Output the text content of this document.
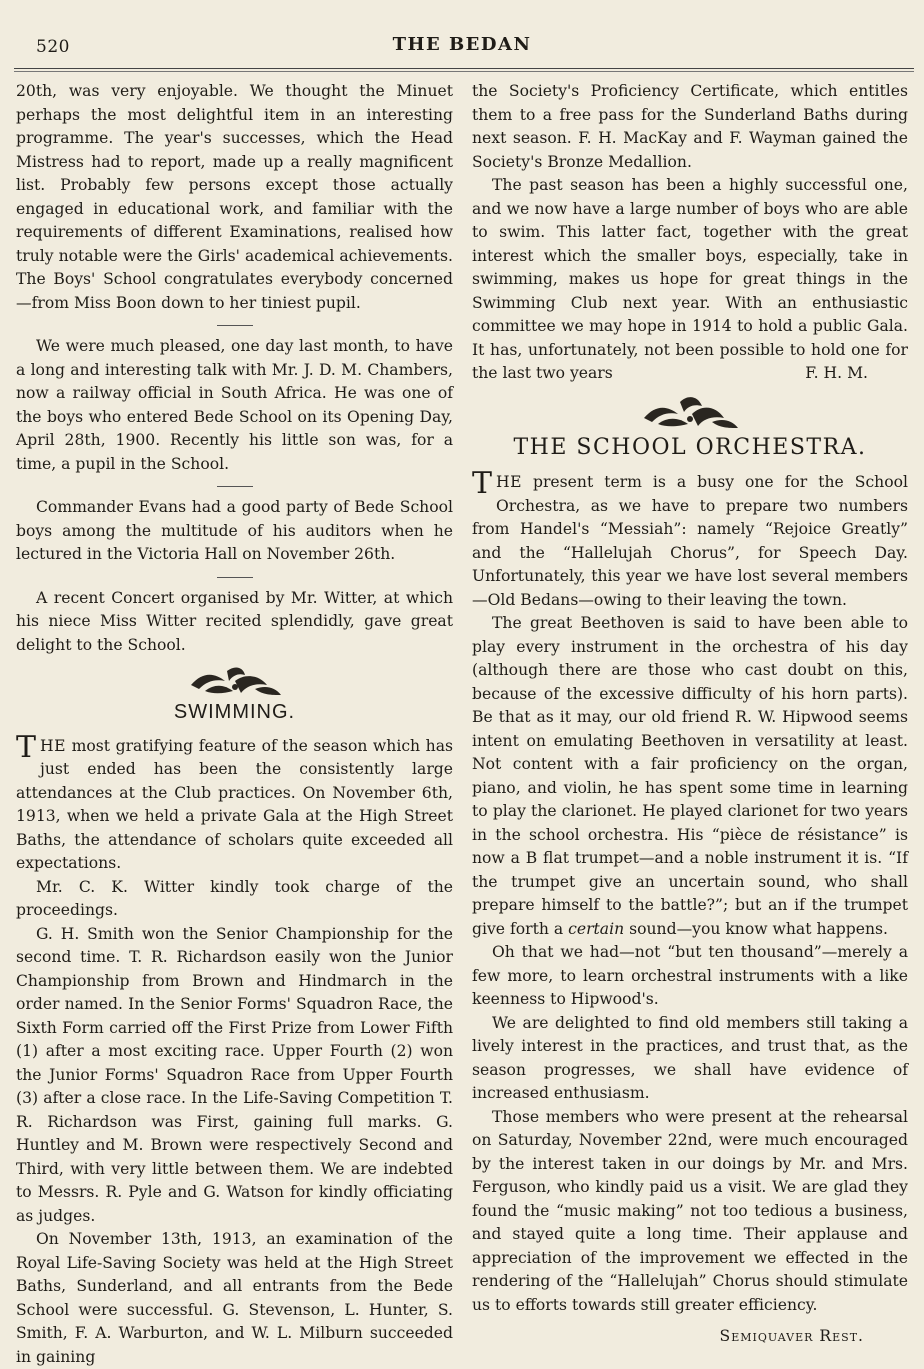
520	THE BEDAN

20th, was very enjoyable. We thought the Minuet perhaps the most delightful item in an interesting programme. The year's successes, which the Head Mistress had to report, made up a really magnificent list. Probably few persons except those actually engaged in educational work, and familiar with the requirements of different Examinations, realised how truly notable were the Girls' academical achievements. The Boys' School congratulates everybody concerned —from Miss Boon down to her tiniest pupil.

We were much pleased, one day last month, to have a long and interesting talk with Mr. J. D. M. Chambers, now a railway official in South Africa. He was one of the boys who entered Bede School on its Opening Day, April 28th, 1900. Recently his little son was, for a time, a pupil in the School.

Commander Evans had a good party of Bede School boys among the multitude of his auditors when he lectured in the Victoria Hall on November 26th.

A recent Concert organised by Mr. Witter, at which his niece Miss Witter recited splendidly, gave great delight to the School.

SWIMMING.

THE most gratifying feature of the season which has just ended has been the consistently large attendances at the Club practices. On November 6th, 1913, when we held a private Gala at the High Street Baths, the attendance of scholars quite exceeded all expectations.

Mr. C. K. Witter kindly took charge of the proceedings.

G. H. Smith won the Senior Championship for the second time. T. R. Richardson easily won the Junior Championship from Brown and Hindmarch in the order named. In the Senior Forms' Squadron Race, the Sixth Form carried off the First Prize from Lower Fifth (1) after a most exciting race. Upper Fourth (2) won the Junior Forms' Squadron Race from Upper Fourth (3) after a close race. In the Life-Saving Competition T. R. Richardson was First, gaining full marks. G. Huntley and M. Brown were respectively Second and Third, with very little between them. We are indebted to Messrs. R. Pyle and G. Watson for kindly officiating as judges.

On November 13th, 1913, an examination of the Royal Life-Saving Society was held at the High Street Baths, Sunderland, and all entrants from the Bede School were successful. G. Stevenson, L. Hunter, S. Smith, F. A. Warburton, and W. L. Milburn succeeded in gaining

the Society's Proficiency Certificate, which entitles them to a free pass for the Sunderland Baths during next season. F. H. MacKay and F. Wayman gained the Society's Bronze Medallion.

The past season has been a highly successful one, and we now have a large number of boys who are able to swim. This latter fact, together with the great interest which the smaller boys, especially, take in swimming, makes us hope for great things in the Swimming Club next year. With an enthusiastic committee we may hope in 1914 to hold a public Gala. It has, unfortunately, not been possible to hold one for the last two years	F. H. M.

THE SCHOOL ORCHESTRA.

THE present term is a busy one for the School Orchestra, as we have to prepare two numbers from Handel's “Messiah”: namely “Rejoice Greatly” and the “Hallelujah Chorus”, for Speech Day. Unfortunately, this year we have lost several members—Old Bedans—owing to their leaving the town.

The great Beethoven is said to have been able to play every instrument in the orchestra of his day (although there are those who cast doubt on this, because of the excessive difficulty of his horn parts). Be that as it may, our old friend R. W. Hipwood seems intent on emulating Beethoven in versatility at least. Not content with a fair proficiency on the organ, piano, and violin, he has spent some time in learning to play the clarionet. He played clarionet for two years in the school orchestra. His “pièce de résistance” is now a B flat trumpet—and a noble instrument it is. “If the trumpet give an uncertain sound, who shall prepare himself to the battle?”; but an if the trumpet give forth a certain sound—you know what happens.

Oh that we had—not “but ten thousand”—merely a few more, to learn orchestral instruments with a like keenness to Hipwood's.

We are delighted to find old members still taking a lively interest in the practices, and trust that, as the season progresses, we shall have evidence of increased enthusiasm.

Those members who were present at the rehearsal on Saturday, November 22nd, were much encouraged by the interest taken in our doings by Mr. and Mrs. Ferguson, who kindly paid us a visit. We are glad they found the “music making” not too tedious a business, and stayed quite a long time. Their applause and appreciation of the improvement we effected in the rendering of the “Hallelujah” Chorus should stimulate us to efforts towards still greater efficiency.

Semiquaver Rest.
